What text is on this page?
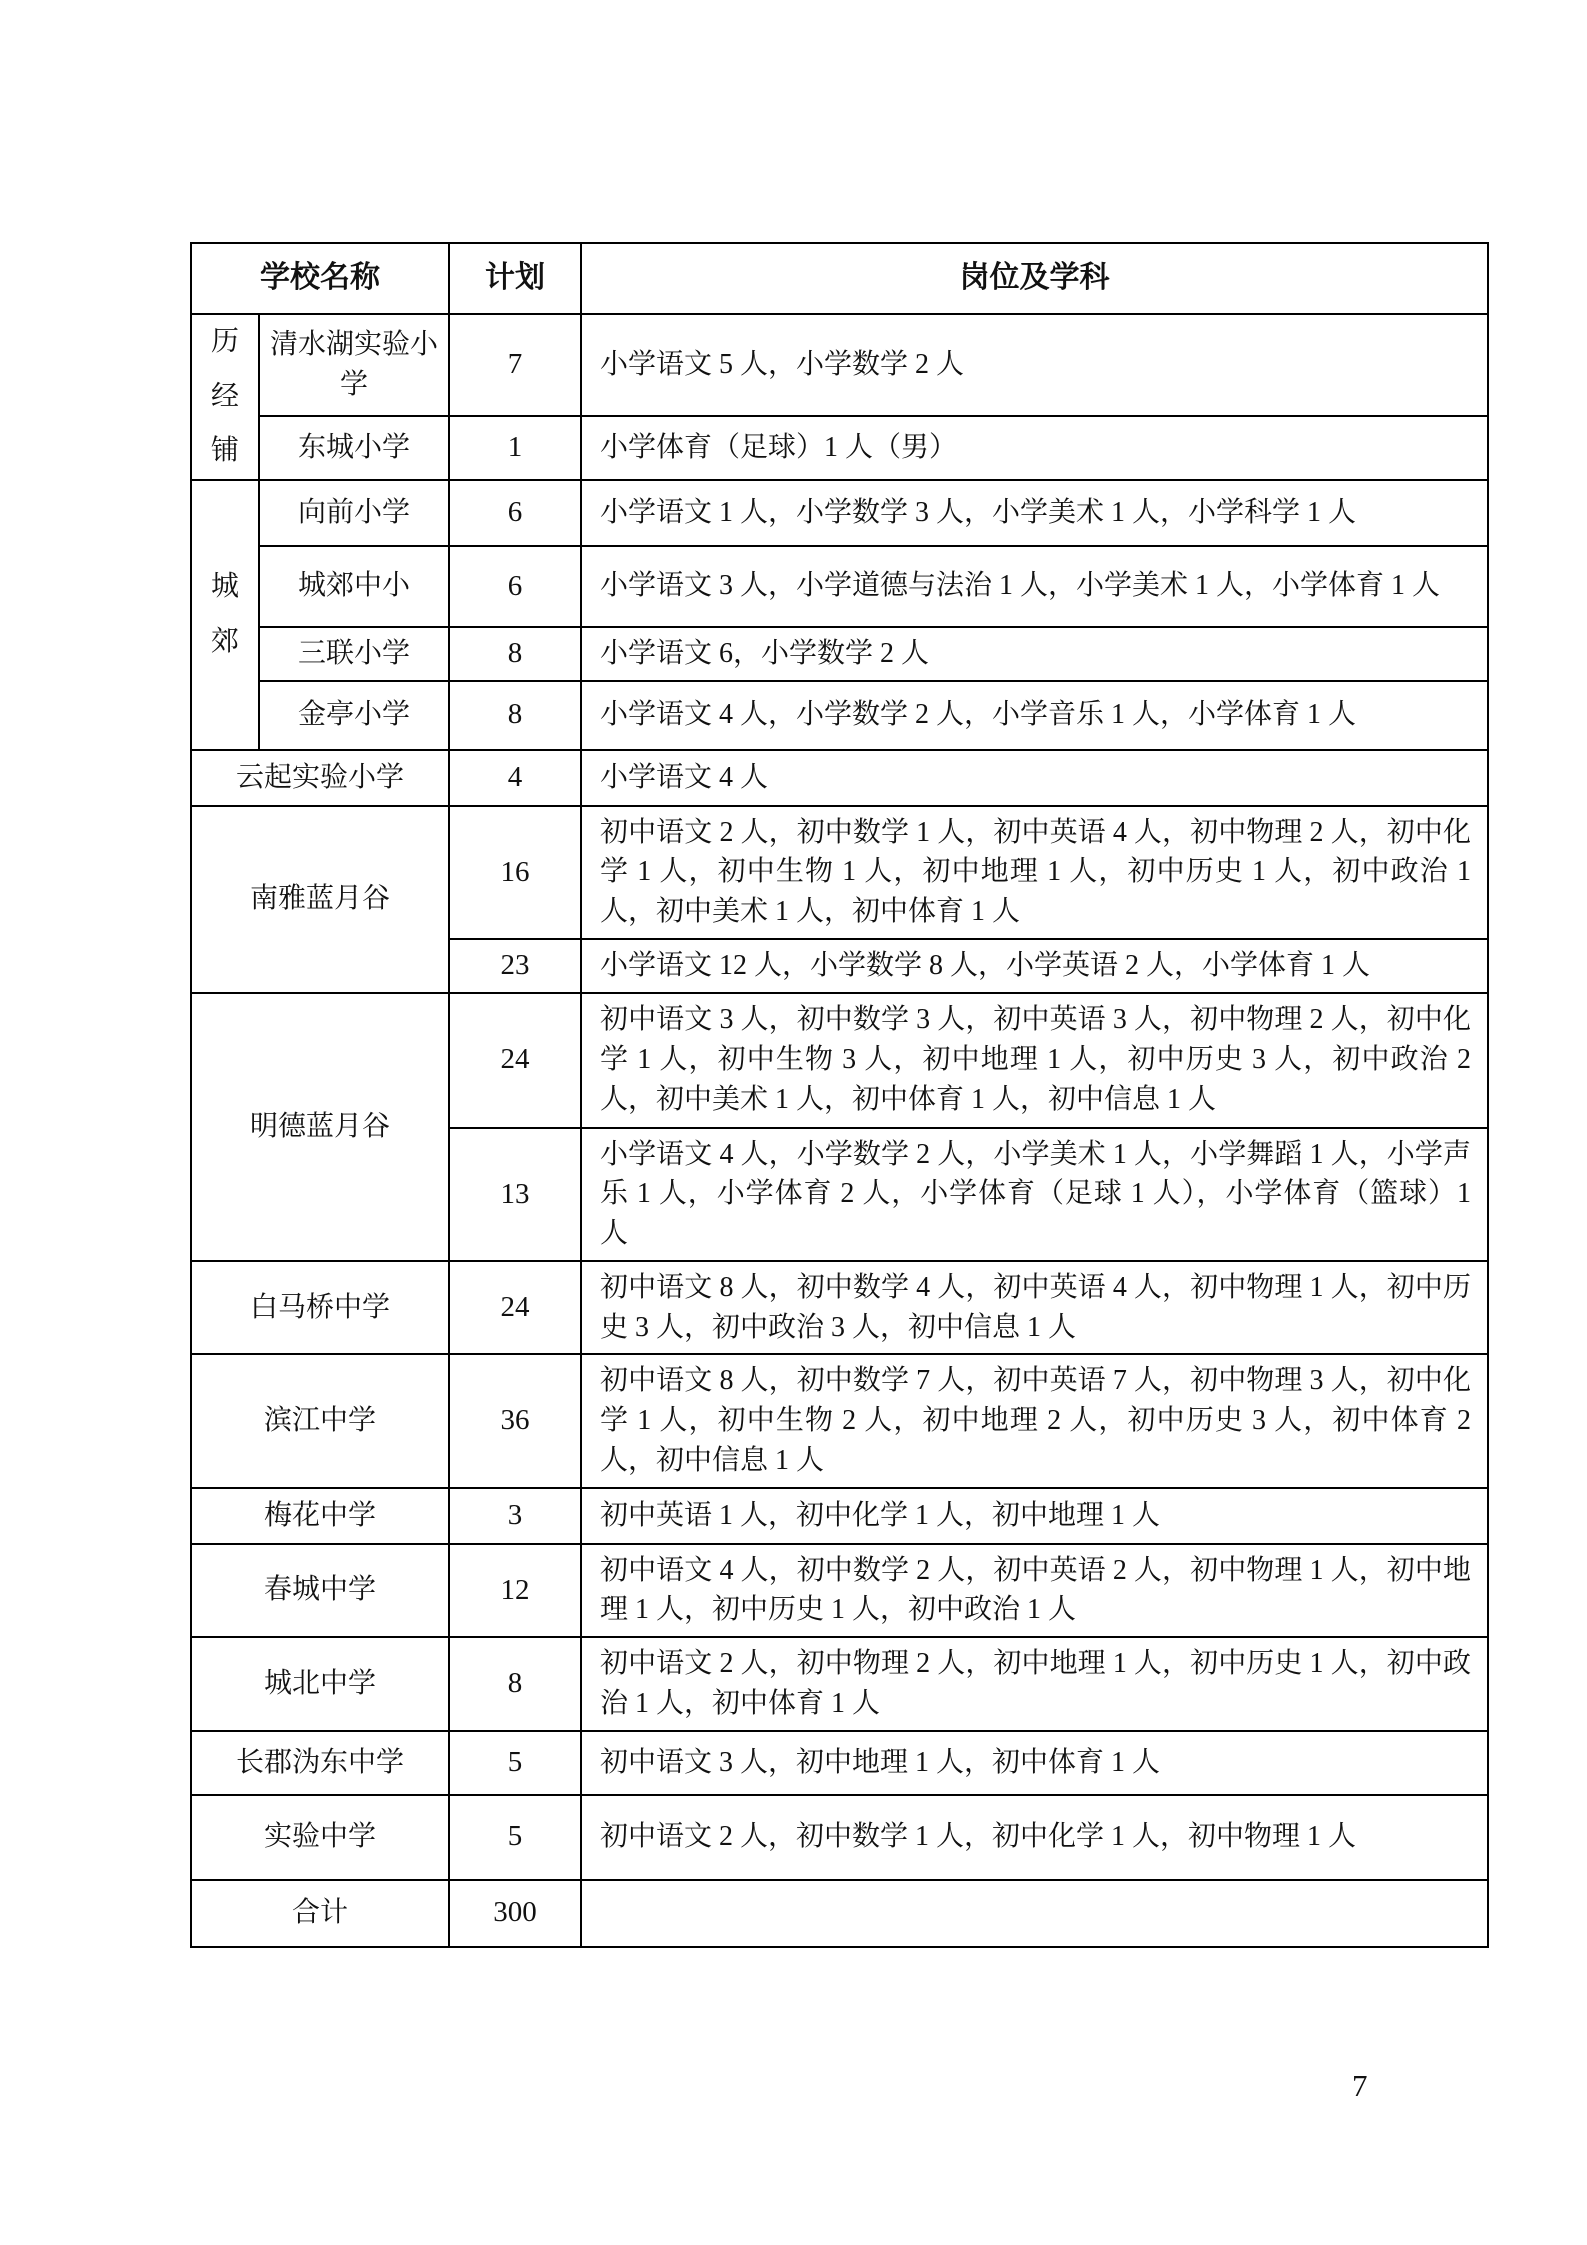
学校名称		计划	岗位及学科
历经铺	清水湖实验小学	7	小学语文 5 人，小学数学 2 人
	东城小学	1	小学体育（足球）1 人（男）
城郊	向前小学	6	小学语文 1 人，小学数学 3 人，小学美术 1 人，小学科学 1 人
	城郊中小	6	小学语文 3 人，小学道德与法治 1 人，小学美术 1 人，小学体育 1 人
	三联小学	8	小学语文 6，小学数学 2 人
	金亭小学	8	小学语文 4 人，小学数学 2 人，小学音乐 1 人，小学体育 1 人
云起实验小学		4	小学语文 4 人
南雅蓝月谷		16	初中语文 2 人，初中数学 1 人，初中英语 4 人，初中物理 2 人，初中化学 1 人，初中生物 1 人，初中地理 1 人，初中历史 1 人，初中政治 1 人，初中美术 1 人，初中体育 1 人
		23	小学语文 12 人，小学数学 8 人，小学英语 2 人，小学体育 1 人
明德蓝月谷		24	初中语文 3 人，初中数学 3 人，初中英语 3 人，初中物理 2 人，初中化学 1 人，初中生物 3 人，初中地理 1 人，初中历史 3 人，初中政治 2 人，初中美术 1 人，初中体育 1 人，初中信息 1 人
		13	小学语文 4 人，小学数学 2 人，小学美术 1 人，小学舞蹈 1 人，小学声乐 1 人，小学体育 2 人，小学体育（足球 1 人），小学体育（篮球）1 人
白马桥中学		24	初中语文 8 人，初中数学 4 人，初中英语 4 人，初中物理 1 人，初中历史 3 人，初中政治 3 人，初中信息 1 人
滨江中学		36	初中语文 8 人，初中数学 7 人，初中英语 7 人，初中物理 3 人，初中化学 1 人，初中生物 2 人，初中地理 2 人，初中历史 3 人，初中体育 2 人，初中信息 1 人
梅花中学		3	初中英语 1 人，初中化学 1 人，初中地理 1 人
春城中学		12	初中语文 4 人，初中数学 2 人，初中英语 2 人，初中物理 1 人，初中地理 1 人，初中历史 1 人，初中政治 1 人
城北中学		8	初中语文 2 人，初中物理 2 人，初中地理 1 人，初中历史 1 人，初中政治 1 人，初中体育 1 人
长郡沩东中学		5	初中语文 3 人，初中地理 1 人，初中体育 1 人
实验中学		5	初中语文 2 人，初中数学 1 人，初中化学 1 人，初中物理 1 人
合计		300	
7
